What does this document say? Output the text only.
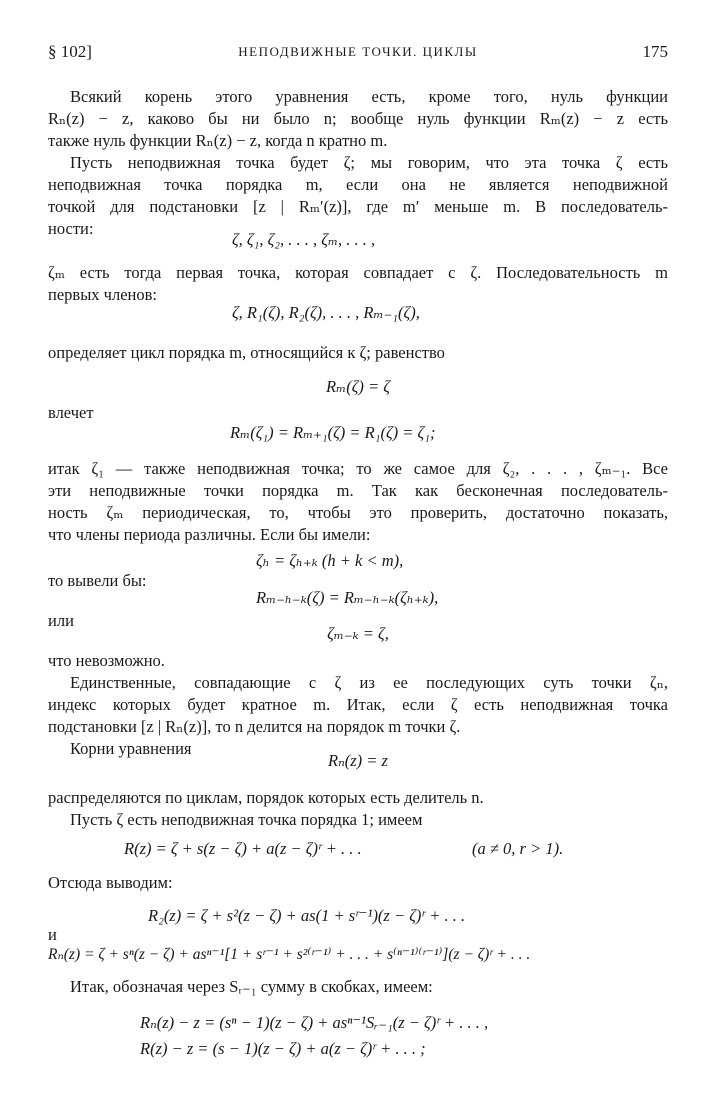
§ 102]	НЕПОДВИЖНЫЕ ТОЧКИ. ЦИКЛЫ	175
Всякий корень этого уравнения есть, кроме того, нуль функции
Rₙ(z) − z, каково бы ни было n; вообще нуль функции Rₘ(z) − z есть
также нуль функции Rₙ(z) − z, когда n кратно m.
Пусть неподвижная точка будет ζ; мы говорим, что эта точка ζ есть
неподвижная точка порядка m, если она не является неподвижной
точкой для подстановки [z | Rₘ′(z)], где m′ меньше m. В последователь-
ности:
ζ, ζ₁, ζ₂, . . . , ζₘ, . . . ,
ζₘ есть тогда первая точка, которая совпадает с ζ. Последовательность m
первых членов:
ζ, R₁(ζ), R₂(ζ), . . . , Rₘ₋₁(ζ),
определяет цикл порядка m, относящийся к ζ; равенство
Rₘ(ζ) = ζ
влечет
Rₘ(ζ₁) = Rₘ₊₁(ζ) = R₁(ζ) = ζ₁;
итак ζ₁ — также неподвижная точка; то же самое для ζ₂, . . . , ζₘ₋₁. Все
эти неподвижные точки порядка m. Так как бесконечная последователь-
ность ζₘ периодическая, то, чтобы это проверить, достаточно показать,
что члены периода различны. Если бы имели:
ζₕ = ζₕ₊ₖ (h + k < m),
то вывели бы:
Rₘ₋ₕ₋ₖ(ζ) = Rₘ₋ₕ₋ₖ(ζₕ₊ₖ),
или
ζₘ₋ₖ = ζ,
что невозможно.
Единственные, совпадающие с ζ из ее последующих суть точки ζₙ,
индекс которых будет кратное m. Итак, если ζ есть неподвижная точка
подстановки [z | Rₙ(z)], то n делится на порядок m точки ζ.
Корни уравнения
Rₙ(z) = z
распределяются по циклам, порядок которых есть делитель n.
Пусть ζ есть неподвижная точка порядка 1; имеем
R(z) = ζ + s(z − ζ) + a(z − ζ)ʳ + . . .	(a ≠ 0, r > 1).
Отсюда выводим:
R₂(z) = ζ + s²(z − ζ) + as(1 + sʳ⁻¹)(z − ζ)ʳ + . . .
и
Rₙ(z) = ζ + sⁿ(z − ζ) + asⁿ⁻¹[1 + sʳ⁻¹ + s²⁽ʳ⁻¹⁾ + . . . + s⁽ⁿ⁻¹⁾⁽ʳ⁻¹⁾](z − ζ)ʳ + . . .
Итак, обозначая через Sᵣ₋₁ сумму в скобках, имеем:
Rₙ(z) − z = (sⁿ − 1)(z − ζ) + asⁿ⁻¹Sᵣ₋₁(z − ζ)ʳ + . . . ,
R(z) − z = (s − 1)(z − ζ) + a(z − ζ)ʳ + . . . ;
